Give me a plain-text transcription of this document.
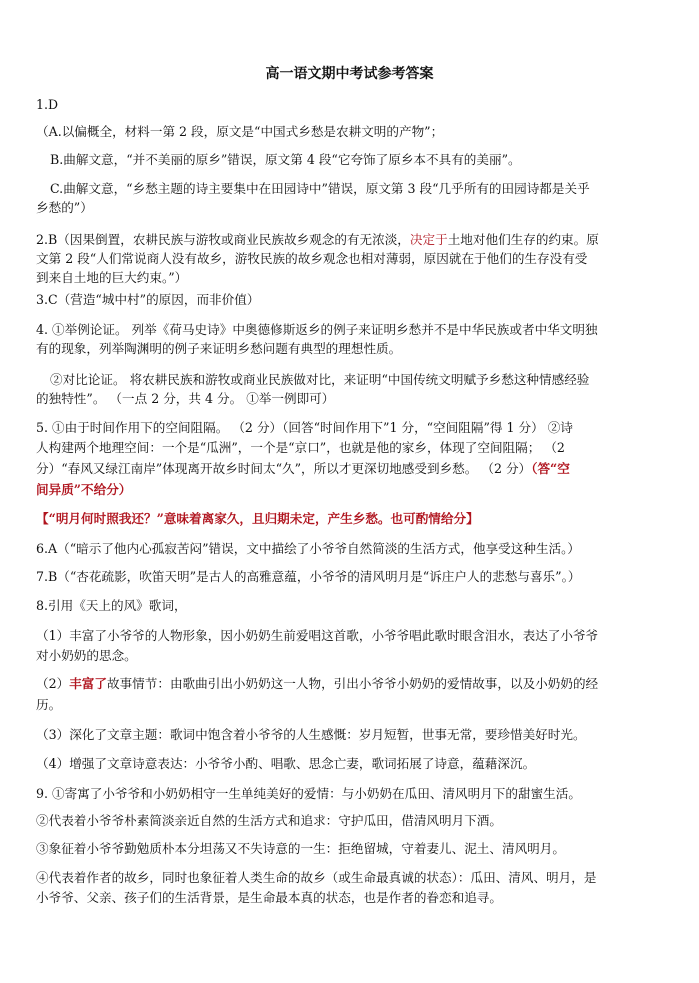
高一语文期中考试参考答案
1.D
（A.以偏概全，材料一第 2 段，原文是“中国式乡愁是农耕文明的产物”；
B.曲解文意，“并不美丽的原乡”错误，原文第 4 段“它夸饰了原乡本不具有的美丽”。
C.曲解文意，“乡愁主题的诗主要集中在田园诗中”错误，原文第 3 段“几乎所有的田园诗都是关乎
乡愁的”）
2.B（因果倒置，农耕民族与游牧或商业民族故乡观念的有无浓淡，决定于土地对他们生存的约束。原
文第 2 段“人们常说商人没有故乡，游牧民族的故乡观念也相对薄弱，原因就在于他们的生存没有受
到来自土地的巨大约束。”）
3.C（营造“城中村”的原因，而非价值）
4. ①举例论证。 列举《荷马史诗》中奥德修斯返乡的例子来证明乡愁并不是中华民族或者中华文明独
有的现象，列举陶渊明的例子来证明乡愁问题有典型的理想性质。
②对比论证。 将农耕民族和游牧或商业民族做对比，来证明“中国传统文明赋予乡愁这种情感经验
的独特性”。 （一点 2 分，共 4 分。 ①举一例即可）
5. ①由于时间作用下的空间阻隔。 （2 分）（回答“时间作用下”1 分，“空间阻隔”得 1 分） ②诗
人构建两个地理空间：一个是“瓜洲”，一个是“京口”，也就是他的家乡，体现了空间阻隔； （2
分）“春风又绿江南岸”体现离开故乡时间太“久”，所以才更深切地感受到乡愁。 （2 分）（答“空
间异质”不给分）
【“明月何时照我还？”意味着离家久，且归期未定，产生乡愁。也可酌情给分】
6.A（“暗示了他内心孤寂苦闷”错误，文中描绘了小爷爷自然简淡的生活方式，他享受这种生活。）
7.B（“杏花疏影，吹笛天明”是古人的高雅意蕴，小爷爷的清风明月是“诉庄户人的悲愁与喜乐”。）
8.引用《天上的风》歌词，
（1）丰富了小爷爷的人物形象，因小奶奶生前爱唱这首歌，小爷爷唱此歌时眼含泪水，表达了小爷爷
对小奶奶的思念。
（2）丰富了故事情节：由歌曲引出小奶奶这一人物，引出小爷爷小奶奶的爱情故事，以及小奶奶的经
历。
（3）深化了文章主题：歌词中饱含着小爷爷的人生感慨：岁月短暂，世事无常，要珍惜美好时光。
（4）增强了文章诗意表达：小爷爷小酌、唱歌、思念亡妻，歌词拓展了诗意，蕴藉深沉。
9. ①寄寓了小爷爷和小奶奶相守一生单纯美好的爱情：与小奶奶在瓜田、清风明月下的甜蜜生活。
②代表着小爷爷朴素简淡亲近自然的生活方式和追求：守护瓜田，借清风明月下酒。
③象征着小爷爷勤勉质朴本分坦荡又不失诗意的一生：拒绝留城，守着妻儿、泥土、清风明月。
④代表着作者的故乡，同时也象征着人类生命的故乡（或生命最真诚的状态）：瓜田、清风、明月，是
小爷爷、父亲、孩子们的生活背景，是生命最本真的状态，也是作者的眷恋和追寻。
